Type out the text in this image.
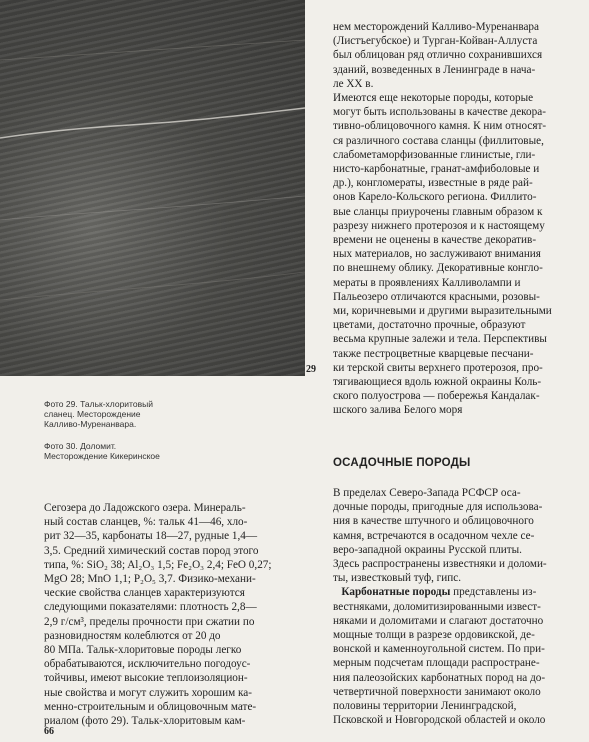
29
Фото 29. Тальк‑хлоритовый
сланец. Месторождение
Калливо‑Муренанвара.
Фото 30. Доломит.
Месторождение Кикеринское
нем месторождений Калливо‑Муренанвара
(Листъегубское) и Турган‑Койван‑Аллуста
был облицован ряд отлично сохранившихся
зданий, возведенных в Ленинграде в нача‑
ле XX в.
Имеются еще некоторые породы, которые
могут быть использованы в качестве декора‑
тивно‑облицовочного камня. К ним относят‑
ся различного состава сланцы (филлитовые,
слабометаморфизованные глинистые, гли‑
нисто‑карбонатные, гранат‑амфиболовые и
др.), конгломераты, известные в ряде рай‑
онов Карело‑Кольского региона. Филлито‑
вые сланцы приурочены главным образом к
разрезу нижнего протерозоя и к настоящему
времени не оценены в качестве декоратив‑
ных материалов, но заслуживают внимания
по внешнему облику. Декоративные конгло‑
мераты в проявлениях Калливолампи и
Пальеозеро отличаются красными, розовы‑
ми, коричневыми и другими выразительными
цветами, достаточно прочные, образуют
весьма крупные залежи и тела. Перспективы
также пестроцветные кварцевые песчани‑
ки терской свиты верхнего протерозоя, про‑
тягивающиеся вдоль южной окраины Коль‑
ского полуострова — побережья Кандалак‑
шского залива Белого моря
ОСАДОЧНЫЕ ПОРОДЫ
В пределах Северо‑Запада РСФСР оса‑
дочные породы, пригодные для использова‑
ния в качестве штучного и облицовочного
камня, встречаются в осадочном чехле се‑
веро‑западной окраины Русской плиты.
Здесь распространены известняки и доломи‑
ты, известковый туф, гипс.
Карбонатные породы представлены из‑
вестняками, доломитизированными извест‑
няками и доломитами и слагают достаточно
мощные толщи в разрезе ордовикской, де‑
вонской и каменноугольной систем. По при‑
мерным подсчетам площади распростране‑
ния палеозойских карбонатных пород на до‑
четвертичной поверхности занимают около
половины территории Ленинградской,
Псковской и Новгородской областей и около
Сегозера до Ладожского озера. Минераль‑
ный состав сланцев, %: тальк 41—46, хло‑
рит 32—35, карбонаты 18—27, рудные 1,4—
3,5. Средний химический состав пород этого
типа, %: SiO₂ 38; Al₂O₃ 1,5; Fe₂O₃ 2,4; FeO 0,27;
MgO 28; MnO 1,1; P₂O₅ 3,7. Физико‑механи‑
ческие свойства сланцев характеризуются
следующими показателями: плотность 2,8—
2,9 г/см³, пределы прочности при сжатии по
разновидностям колеблются от 20 до
80 МПа. Тальк‑хлоритовые породы легко
обрабатываются, исключительно погодоус‑
тойчивы, имеют высокие теплоизоляцион‑
ные свойства и могут служить хорошим ка‑
менно‑строительным и облицовочным мате‑
риалом (фото 29). Тальк‑хлоритовым кам‑
66
